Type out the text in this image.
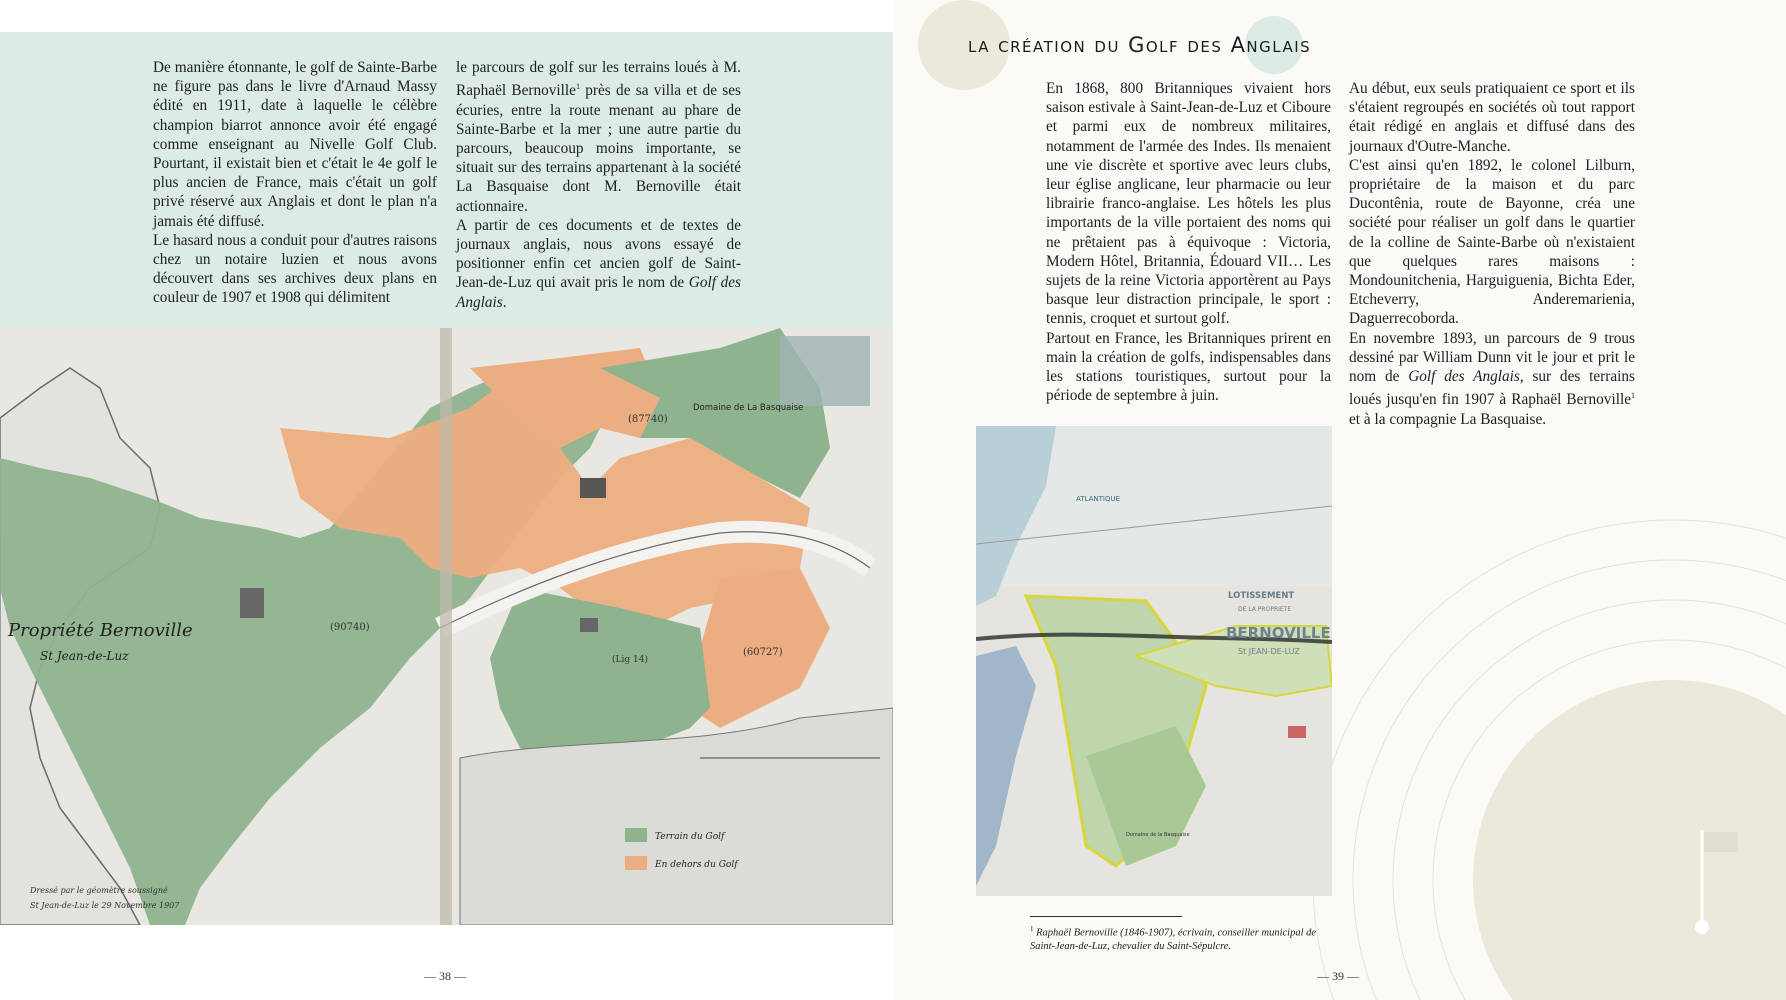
De manière étonnante, le golf de Sainte-Barbe ne figure pas dans le livre d'Arnaud Massy édité en 1911, date à laquelle le célèbre champion biarrot annonce avoir été engagé comme enseignant au Nivelle Golf Club. Pourtant, il existait bien et c'était le 4e golf le plus ancien de France, mais c'était un golf privé réservé aux Anglais et dont le plan n'a jamais été diffusé.

Le hasard nous a conduit pour d'autres raisons chez un notaire luzien et nous avons découvert dans ses archives deux plans en couleur de 1907 et 1908 qui délimitent

le parcours de golf sur les terrains loués à M. Raphaël Bernoville$^1$ près de sa villa et de ses écuries, entre la route menant au phare de Sainte-Barbe et la mer ; une autre partie du parcours, beaucoup moins importante, se situait sur des terrains appartenant à la société La Basquaise dont M. Bernoville était actionnaire.

A partir de ces documents et de textes de journaux anglais, nous avons essayé de positionner enfin cet ancien golf de Saint-Jean-de-Luz qui avait pris le nom de Golf des Anglais.

Domaine de La Basquaise
(90740)
(87740)
(60727)
(Lig 14)
Propriété Bernoville
St Jean-de-Luz
Terrain du Golf
En dehors du Golf
Dressé par le géomètre soussigné
St Jean-de-Luz le 29 Novembre 1907
— 38 —
la création du Golf des Anglais

En 1868, 800 Britanniques vivaient hors saison estivale à Saint-Jean-de-Luz et Ciboure et parmi eux de nombreux militaires, notamment de l'armée des Indes. Ils menaient une vie discrète et sportive avec leurs clubs, leur église anglicane, leur pharmacie ou leur librairie franco-anglaise. Les hôtels les plus importants de la ville portaient des noms qui ne prêtaient pas à équivoque : Victoria, Modern Hôtel, Britannia, Édouard VII… Les sujets de la reine Victoria apportèrent au Pays basque leur distraction principale, le sport : tennis, croquet et surtout golf.

Partout en France, les Britanniques prirent en main la création de golfs, indispensables dans les stations touristiques, surtout pour la période de septembre à juin.

Au début, eux seuls pratiquaient ce sport et ils s'étaient regroupés en sociétés où tout rapport était rédigé en anglais et diffusé dans des journaux d'Outre-Manche.

C'est ainsi qu'en 1892, le colonel Lilburn, propriétaire de la maison et du parc Ducontênia, route de Bayonne, créa une société pour réaliser un golf dans le quartier de la colline de Sainte-Barbe où n'existaient que quelques rares maisons : Mondounitchenia, Harguiguenia, Bichta Eder, Etcheverry, Anderemarienia, Daguerrecoborda.

En novembre 1893, un parcours de 9 trous dessiné par William Dunn vit le jour et prit le nom de Golf des Anglais, sur des terrains loués jusqu'en fin 1907 à Raphaël Bernoville$^1$ et à la compagnie La Basquaise.

ATLANTIQUE
LOTISSEMENT
DE LA PROPRIETE
BERNOVILLE
St JEAN-DE-LUZ
Domaine de la Basquaise
$^1$ Raphaël Bernoville (1846-1907), écrivain, conseiller municipal de Saint-Jean-de-Luz, chevalier du Saint-Sépulcre.
— 39 —
